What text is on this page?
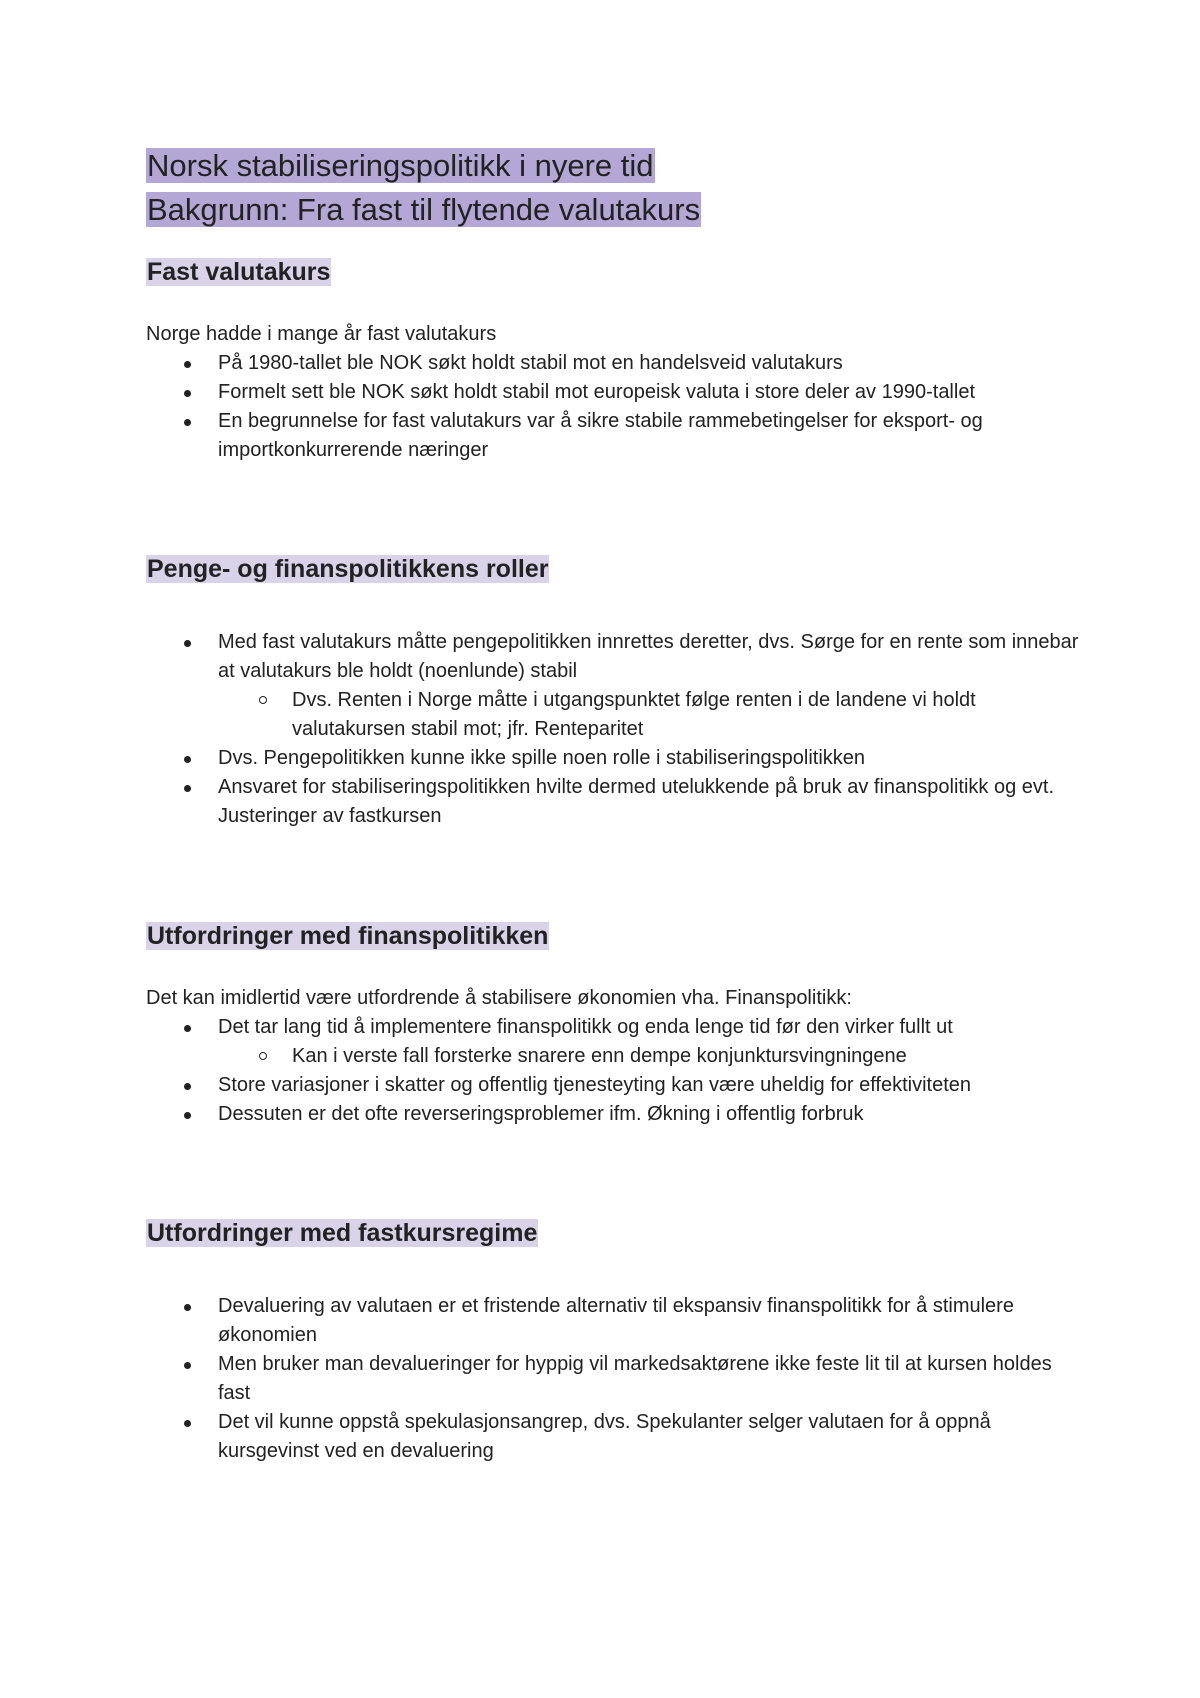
Norsk stabiliseringspolitikk i nyere tid
Bakgrunn: Fra fast til flytende valutakurs
Fast valutakurs

Norge hadde i mange år fast valutakurs

På 1980-tallet ble NOK søkt holdt stabil mot en handelsveid valutakurs
Formelt sett ble NOK søkt holdt stabil mot europeisk valuta i store deler av 1990-tallet
En begrunnelse for fast valutakurs var å sikre stabile rammebetingelser for eksport- og importkonkurrerende næringer
Penge- og finanspolitikkens roller
Med fast valutakurs måtte pengepolitikken innrettes deretter, dvs. Sørge for en rente som innebar at valutakurs ble holdt (noenlunde) stabil
Dvs. Renten i Norge måtte i utgangspunktet følge renten i de landene vi holdt valutakursen stabil mot; jfr. Renteparitet
Dvs. Pengepolitikken kunne ikke spille noen rolle i stabiliseringspolitikken
Ansvaret for stabiliseringspolitikken hvilte dermed utelukkende på bruk av finanspolitikk og evt. Justeringer av fastkursen
Utfordringer med finanspolitikken

Det kan imidlertid være utfordrende å stabilisere økonomien vha. Finanspolitikk:

Det tar lang tid å implementere finanspolitikk og enda lenge tid før den virker fullt ut
Kan i verste fall forsterke snarere enn dempe konjunktursvingningene
Store variasjoner i skatter og offentlig tjenesteyting kan være uheldig for effektiviteten
Dessuten er det ofte reverseringsproblemer ifm. Økning i offentlig forbruk
Utfordringer med fastkursregime
Devaluering av valutaen er et fristende alternativ til ekspansiv finanspolitikk for å stimulere økonomien
Men bruker man devalueringer for hyppig vil markedsaktørene ikke feste lit til at kursen holdes fast
Det vil kunne oppstå spekulasjonsangrep, dvs. Spekulanter selger valutaen for å oppnå kursgevinst ved en devaluering
